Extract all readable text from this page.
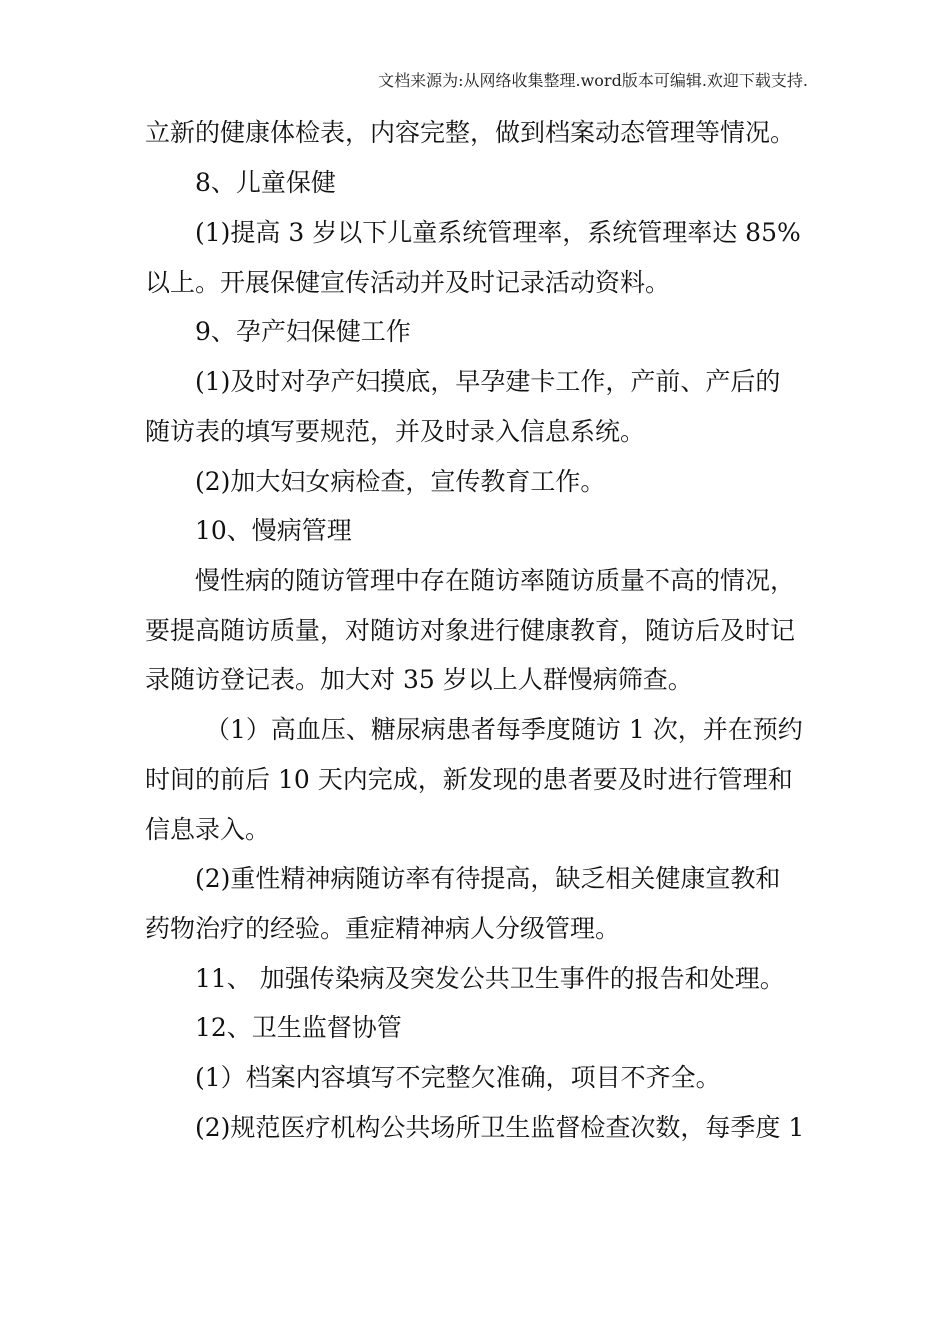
文档来源为:从网络收集整理.word版本可编辑.欢迎下载支持.
立新的健康体检表，内容完整，做到档案动态管理等情况。
8、儿童保健
(1)提高 3 岁以下儿童系统管理率，系统管理率达 85%
以上。开展保健宣传活动并及时记录活动资料。
9、孕产妇保健工作
(1)及时对孕产妇摸底，早孕建卡工作，产前、产后的
随访表的填写要规范，并及时录入信息系统。
(2)加大妇女病检查，宣传教育工作。
10、慢病管理
慢性病的随访管理中存在随访率随访质量不高的情况，
要提高随访质量，对随访对象进行健康教育，随访后及时记
录随访登记表。加大对 35 岁以上人群慢病筛查。
（1）高血压、糖尿病患者每季度随访 1 次，并在预约
时间的前后 10 天内完成，新发现的患者要及时进行管理和
信息录入。
(2)重性精神病随访率有待提高，缺乏相关健康宣教和
药物治疗的经验。重症精神病人分级管理。
11、 加强传染病及突发公共卫生事件的报告和处理。
12、卫生监督协管
(1）档案内容填写不完整欠准确，项目不齐全。
(2)规范医疗机构公共场所卫生监督检查次数，每季度 1
